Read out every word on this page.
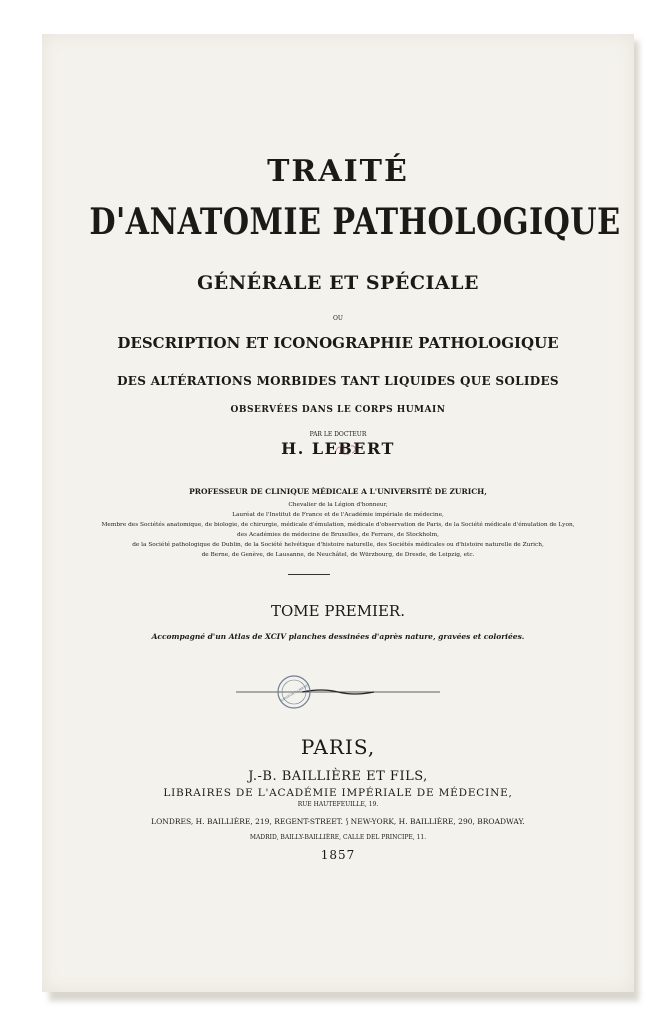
TRAITÉ

D'ANATOMIE PATHOLOGIQUE

GÉNÉRALE ET SPÉCIALE

OU

DESCRIPTION ET ICONOGRAPHIE PATHOLOGIQUE

DES ALTÉRATIONS MORBIDES TANT LIQUIDES QUE SOLIDES

OBSERVÉES DANS LE CORPS HUMAIN

PAR LE DOCTEUR

H. LEBERT

PROFESSEUR DE CLINIQUE MÉDICALE A L'UNIVERSITÉ DE ZURICH,

Chevalier de la Légion d'honneur,

Lauréat de l'Institut de France et de l'Académie impériale de médecine,

Membre des Sociétés anatomique, de biologie, de chirurgie, médicale d'émulation, médicale d'observation de Paris, de la Société médicale d'émulation de Lyon,

des Académies de médecine de Bruxelles, de Ferrare, de Stockholm,

de la Société pathologique de Dublin, de la Société helvétique d'histoire naturelle, des Sociétés médicales ou d'histoire naturelle de Zurich,

de Berne, de Genève, de Lausanne, de Neuchâtel, de Würzbourg, de Dresde, de Leipzig, etc.

TOME PREMIER.

Accompagné d'un Atlas de XCIV planches dessinées d'après nature, gravées et coloriées.

SURGEON'S LIBRARY

PARIS,

J.-B. BAILLIÈRE ET FILS,

LIBRAIRES DE L'ACADÉMIE IMPÉRIALE DE MÉDECINE,

RUE HAUTEFEUILLE, 19.

LONDRES, H. BAILLIÈRE, 219, REGENT-STREET. ⟆ NEW-YORK, H. BAILLIÈRE, 290, BROADWAY.

MADRID, BAILLY-BAILLIÈRE, CALLE DEL PRINCIPE, 11.

1857
